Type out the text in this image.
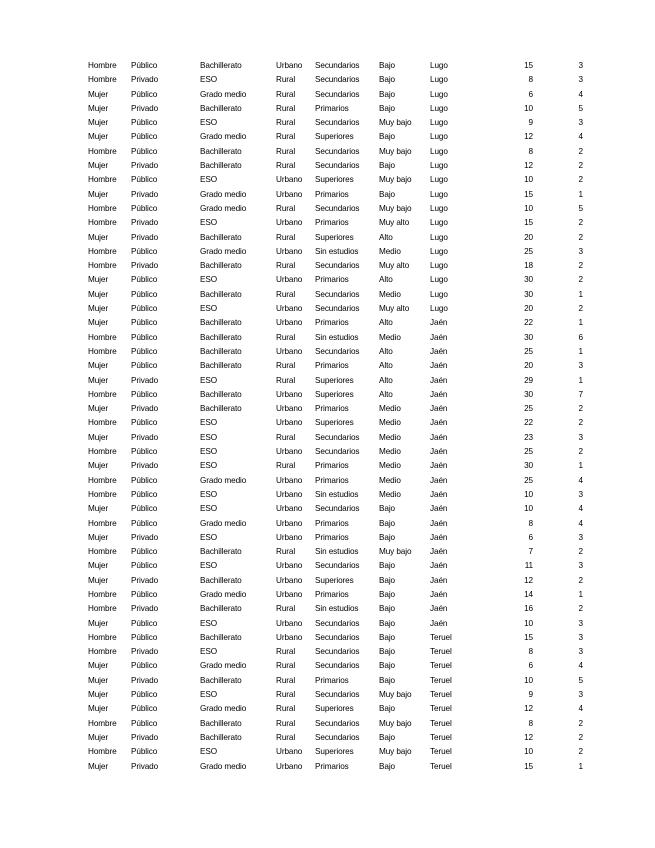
Hombre	Público	Bachillerato	Urbano	Secundarios	Bajo	Lugo	15	3
Hombre	Privado	ESO	Rural	Secundarios	Bajo	Lugo	8	3
Mujer	Público	Grado medio	Rural	Secundarios	Bajo	Lugo	6	4
Mujer	Privado	Bachillerato	Rural	Primarios	Bajo	Lugo	10	5
Mujer	Público	ESO	Rural	Secundarios	Muy bajo	Lugo	9	3
Mujer	Público	Grado medio	Rural	Superiores	Bajo	Lugo	12	4
Hombre	Público	Bachillerato	Rural	Secundarios	Muy bajo	Lugo	8	2
Mujer	Privado	Bachillerato	Rural	Secundarios	Bajo	Lugo	12	2
Hombre	Público	ESO	Urbano	Superiores	Muy bajo	Lugo	10	2
Mujer	Privado	Grado medio	Urbano	Primarios	Bajo	Lugo	15	1
Hombre	Público	Grado medio	Rural	Secundarios	Muy bajo	Lugo	10	5
Hombre	Privado	ESO	Urbano	Primarios	Muy alto	Lugo	15	2
Mujer	Privado	Bachillerato	Rural	Superiores	Alto	Lugo	20	2
Hombre	Público	Grado medio	Urbano	Sin estudios	Medio	Lugo	25	3
Hombre	Privado	Bachillerato	Rural	Secundarios	Muy alto	Lugo	18	2
Mujer	Público	ESO	Urbano	Primarios	Alto	Lugo	30	2
Mujer	Público	Bachillerato	Rural	Secundarios	Medio	Lugo	30	1
Mujer	Público	ESO	Urbano	Secundarios	Muy alto	Lugo	20	2
Mujer	Público	Bachillerato	Urbano	Primarios	Alto	Jaén	22	1
Hombre	Público	Bachillerato	Rural	Sin estudios	Medio	Jaén	30	6
Hombre	Público	Bachillerato	Urbano	Secundarios	Alto	Jaén	25	1
Mujer	Público	Bachillerato	Rural	Primarios	Alto	Jaén	20	3
Mujer	Privado	ESO	Rural	Superiores	Alto	Jaén	29	1
Hombre	Público	Bachillerato	Urbano	Superiores	Alto	Jaén	30	7
Mujer	Privado	Bachillerato	Urbano	Primarios	Medio	Jaén	25	2
Hombre	Público	ESO	Urbano	Superiores	Medio	Jaén	22	2
Mujer	Privado	ESO	Rural	Secundarios	Medio	Jaén	23	3
Hombre	Público	ESO	Urbano	Secundarios	Medio	Jaén	25	2
Mujer	Privado	ESO	Rural	Primarios	Medio	Jaén	30	1
Hombre	Público	Grado medio	Urbano	Primarios	Medio	Jaén	25	4
Hombre	Público	ESO	Urbano	Sin estudios	Medio	Jaén	10	3
Mujer	Público	ESO	Urbano	Secundarios	Bajo	Jaén	10	4
Hombre	Público	Grado medio	Urbano	Primarios	Bajo	Jaén	8	4
Mujer	Privado	ESO	Urbano	Primarios	Bajo	Jaén	6	3
Hombre	Público	Bachillerato	Rural	Sin estudios	Muy bajo	Jaén	7	2
Mujer	Público	ESO	Urbano	Secundarios	Bajo	Jaén	11	3
Mujer	Privado	Bachillerato	Urbano	Superiores	Bajo	Jaén	12	2
Hombre	Público	Grado medio	Urbano	Primarios	Bajo	Jaén	14	1
Hombre	Privado	Bachillerato	Rural	Sin estudios	Bajo	Jaén	16	2
Mujer	Público	ESO	Urbano	Secundarios	Bajo	Jaén	10	3
Hombre	Público	Bachillerato	Urbano	Secundarios	Bajo	Teruel	15	3
Hombre	Privado	ESO	Rural	Secundarios	Bajo	Teruel	8	3
Mujer	Público	Grado medio	Rural	Secundarios	Bajo	Teruel	6	4
Mujer	Privado	Bachillerato	Rural	Primarios	Bajo	Teruel	10	5
Mujer	Público	ESO	Rural	Secundarios	Muy bajo	Teruel	9	3
Mujer	Público	Grado medio	Rural	Superiores	Bajo	Teruel	12	4
Hombre	Público	Bachillerato	Rural	Secundarios	Muy bajo	Teruel	8	2
Mujer	Privado	Bachillerato	Rural	Secundarios	Bajo	Teruel	12	2
Hombre	Público	ESO	Urbano	Superiores	Muy bajo	Teruel	10	2
Mujer	Privado	Grado medio	Urbano	Primarios	Bajo	Teruel	15	1
